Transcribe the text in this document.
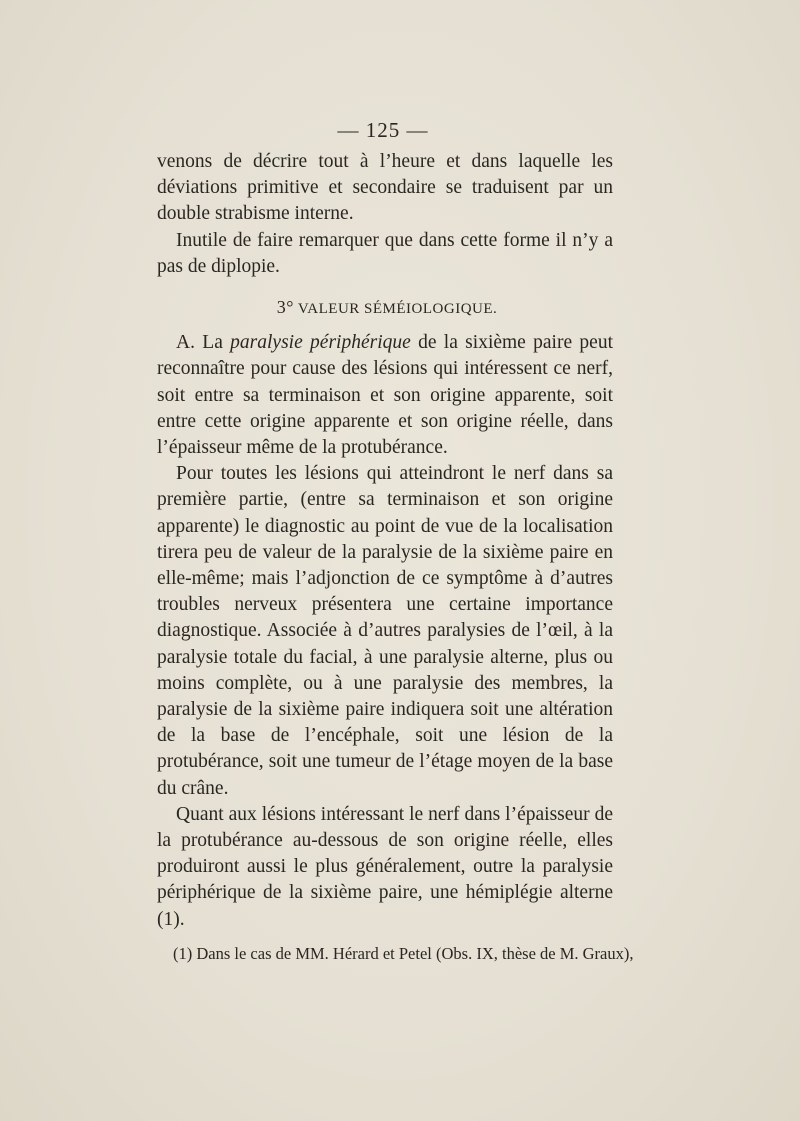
— 125 —

venons de décrire tout à l’heure et dans laquelle les déviations primitive et secondaire se traduisent par un double strabisme interne.

Inutile de faire remarquer que dans cette forme il n’y a pas de diplopie.

3° VALEUR SÉMÉIOLOGIQUE.

A. La paralysie périphérique de la sixième paire peut reconnaître pour cause des lésions qui intéressent ce nerf, soit entre sa terminaison et son origine apparente, soit entre cette origine apparente et son origine réelle, dans l’épaisseur même de la protubérance.

Pour toutes les lésions qui atteindront le nerf dans sa première partie, (entre sa terminaison et son origine apparente) le diagnostic au point de vue de la localisation tirera peu de valeur de la paralysie de la sixième paire en elle-même; mais l’adjonction de ce symptôme à d’autres troubles nerveux présentera une certaine importance diagnostique. Associée à d’autres paralysies de l’œil, à la paralysie totale du facial, à une paralysie alterne, plus ou moins complète, ou à une paralysie des membres, la paralysie de la sixième paire indiquera soit une altération de la base de l’encéphale, soit une lésion de la protubérance, soit une tumeur de l’étage moyen de la base du crâne.

Quant aux lésions intéressant le nerf dans l’épaisseur de la protubérance au-dessous de son origine réelle, elles produiront aussi le plus généralement, outre la paralysie périphérique de la sixième paire, une hémiplégie alterne (1).

(1) Dans le cas de MM. Hérard et Petel (Obs. IX, thèse de M. Graux),
